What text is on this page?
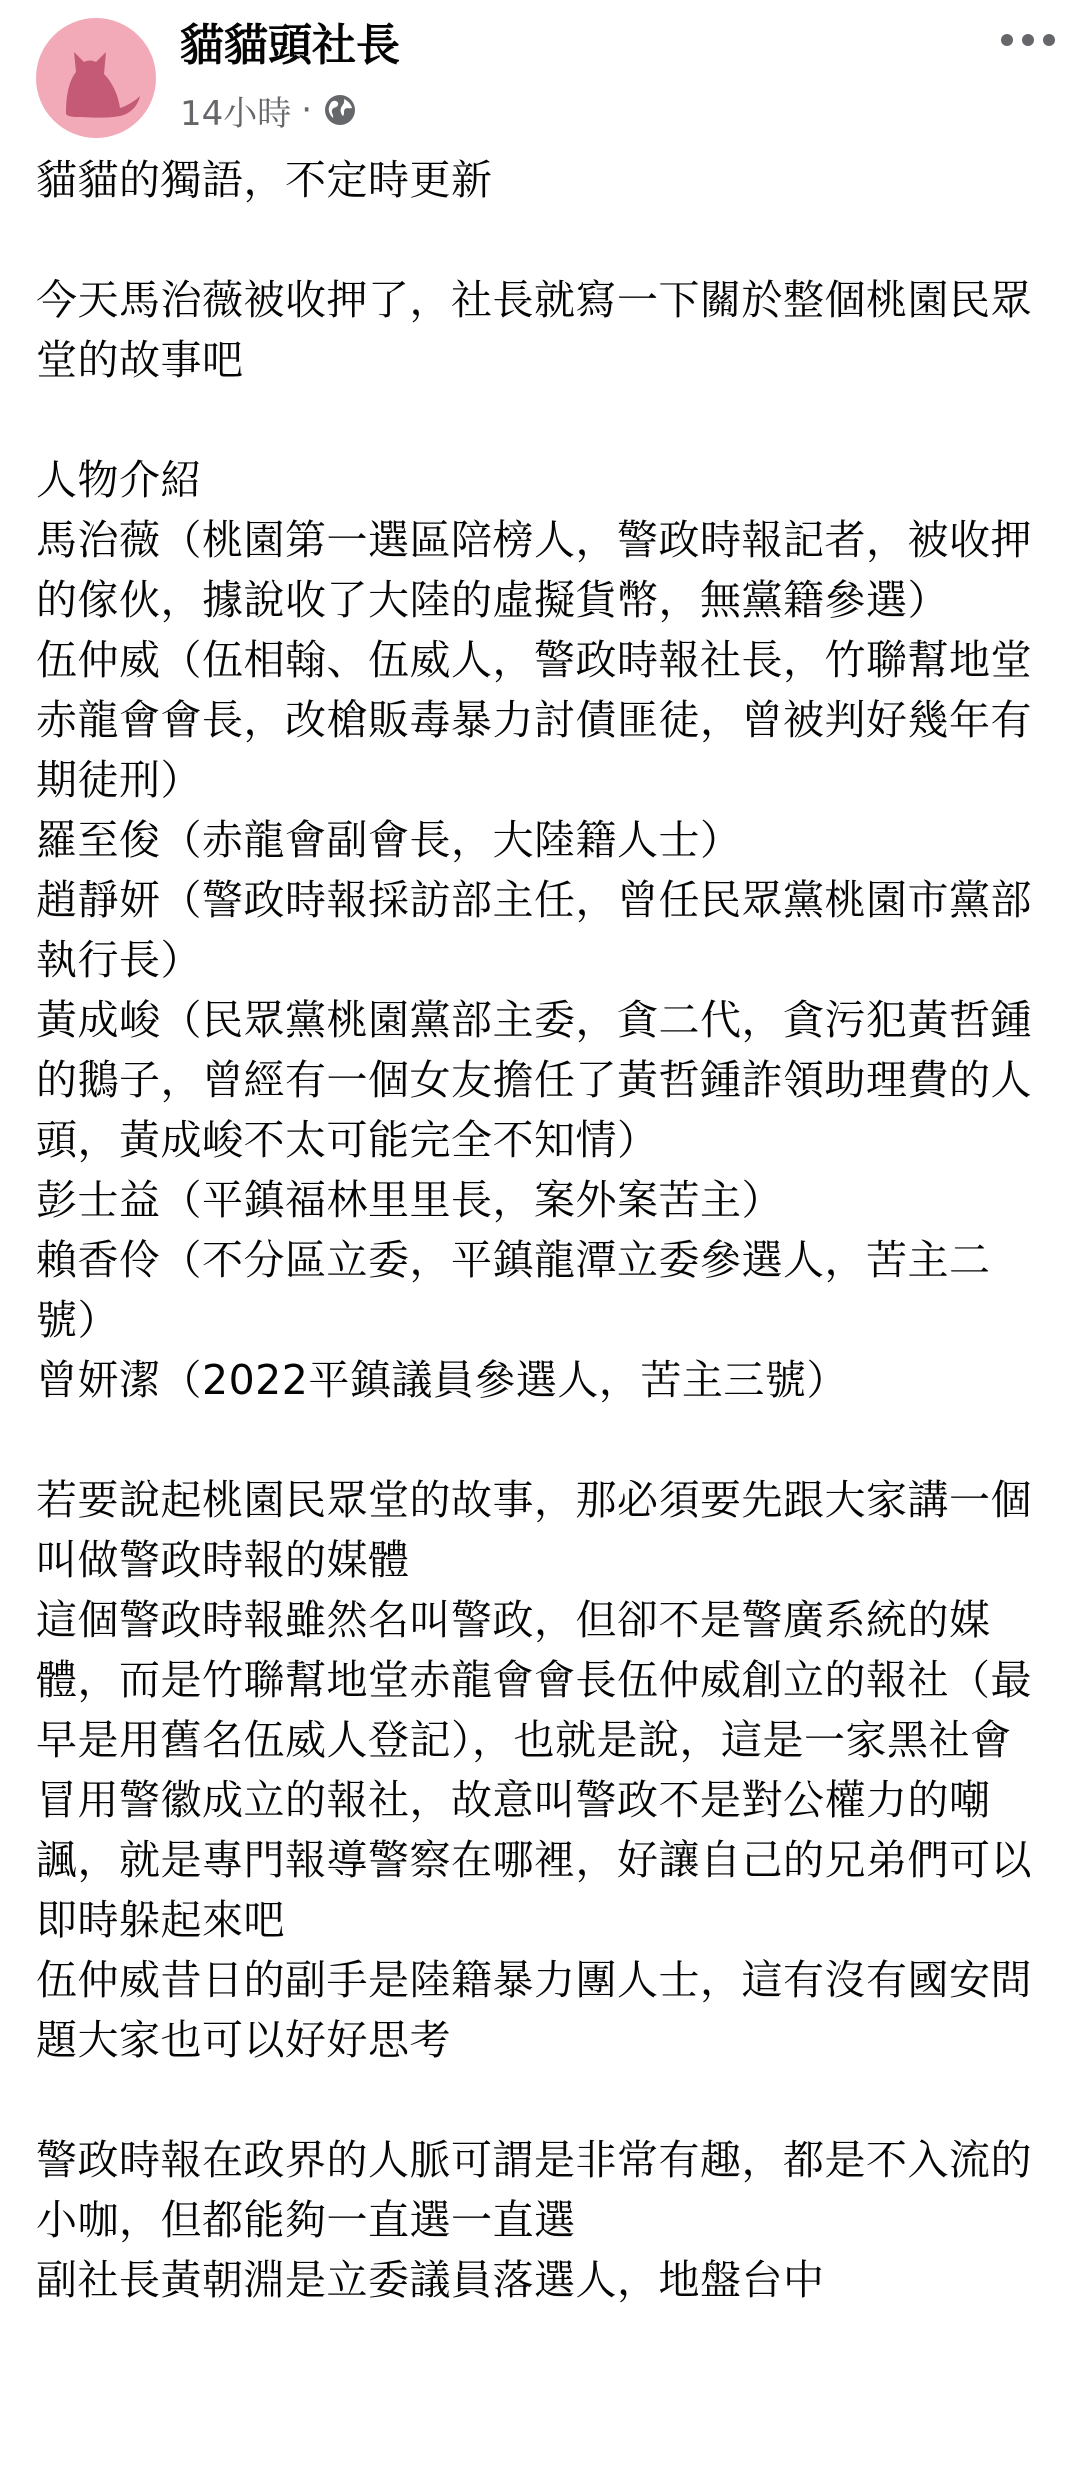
貓貓頭社長
14小時 ·

貓貓的獨語，不定時更新

今天馬治薇被收押了，社長就寫一下關於整個桃園民眾堂的故事吧

人物介紹
馬治薇（桃園第一選區陪榜人，警政時報記者，被收押的傢伙，據說收了大陸的虛擬貨幣，無黨籍參選）
伍仲威（伍相翰、伍威人，警政時報社長，竹聯幫地堂赤龍會會長，改槍販毒暴力討債匪徒，曾被判好幾年有期徒刑）
羅至俊（赤龍會副會長，大陸籍人士）
趙靜妍（警政時報採訪部主任，曾任民眾黨桃園市黨部執行長）
黃成峻（民眾黨桃園黨部主委，貪二代，貪污犯黃哲鍾的鵝子，曾經有一個女友擔任了黃哲鍾詐領助理費的人頭，黃成峻不太可能完全不知情）
彭士益（平鎮福林里里長，案外案苦主）
賴香伶（不分區立委，平鎮龍潭立委參選人，苦主二號）
曾妍潔（2022平鎮議員參選人，苦主三號）

若要說起桃園民眾堂的故事，那必須要先跟大家講一個叫做警政時報的媒體
這個警政時報雖然名叫警政，但卻不是警廣系統的媒體，而是竹聯幫地堂赤龍會會長伍仲威創立的報社（最早是用舊名伍威人登記），也就是說，這是一家黑社會冒用警徽成立的報社，故意叫警政不是對公權力的嘲諷，就是專門報導警察在哪裡，好讓自己的兄弟們可以即時躲起來吧
伍仲威昔日的副手是陸籍暴力團人士，這有沒有國安問題大家也可以好好思考

警政時報在政界的人脈可謂是非常有趣，都是不入流的小咖，但都能夠一直選一直選
副社長黃朝淵是立委議員落選人，地盤台中
